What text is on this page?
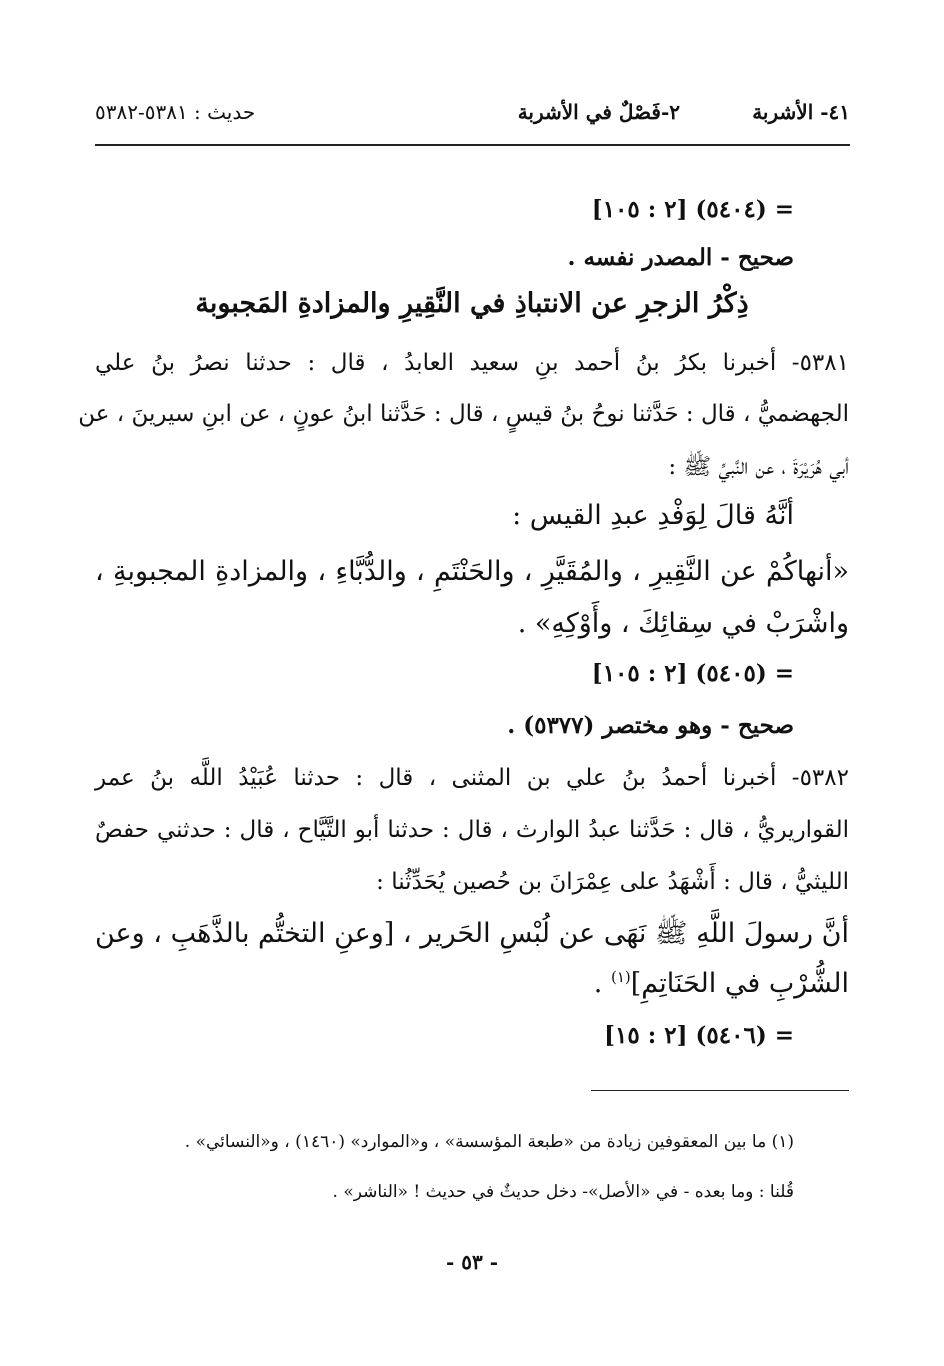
٤١- الأشربة
٢-فَصْلٌ في الأشربة
حديث : ٥٣٨١-٥٣٨٢
= (٥٤٠٤) [٢ : ١٠٥]
صحيح - المصدر نفسه .
ذِكْرُ الزجرِ عن الانتباذِ في النَّقِيرِ والمزادةِ المَجبوبة
٥٣٨١- أخبرنا بكرُ بنُ أحمد بنِ سعيد العابدُ ، قال : حدثنا نصرُ بنُ علي
الجهضميُّ ، قال : حَدَّثنا نوحُ بنُ قيسٍ ، قال : حَدَّثنا ابنُ عونٍ ، عن ابنِ سيرينَ ، عن
أبي هُرَيْرَةَ ، عن النَّبيِّ ﷺ :
أنَّهُ قالَ لِوَفْدِ عبدِ القيس :
«أنهاكُمْ عن النَّقِيرِ ، والمُقَيَّرِ ، والحَنْتَمِ ، والدُّبَّاءِ ، والمزادةِ المجبوبةِ ،
واشْرَبْ في سِقائِكَ ، وأَوْكِهِ» .
= (٥٤٠٥) [٢ : ١٠٥]
صحيح - وهو مختصر (٥٣٧٧) .
٥٣٨٢- أخبرنا أحمدُ بنُ علي بن المثنى ، قال : حدثنا عُبَيْدُ اللَّه بنُ عمر
القواريريُّ ، قال : حَدَّثنا عبدُ الوارث ، قال : حدثنا أبو التَّيَّاح ، قال : حدثني حفصٌ
الليثيُّ ، قال : أَشْهَدُ على عِمْرَانَ بن حُصين يُحَدِّثُنا :
أنَّ رسولَ اللَّهِ ﷺ نَهَى عن لُبْسِ الحَرير ، [وعنِ التختُّم بالذَّهَبِ ، وعن
الشُّرْبِ في الحَنَاتِمِ]$^{(١)}$ .
= (٥٤٠٦) [٢ : ١٥]
(١) ما بين المعقوفين زيادة من «طبعة المؤسسة» ، و«الموارد» (١٤٦٠) ، و«النسائي» .
قُلنا : وما بعده - في «الأصل»- دخل حديثٌ في حديث ! «الناشر» .
- ٥٣ -
